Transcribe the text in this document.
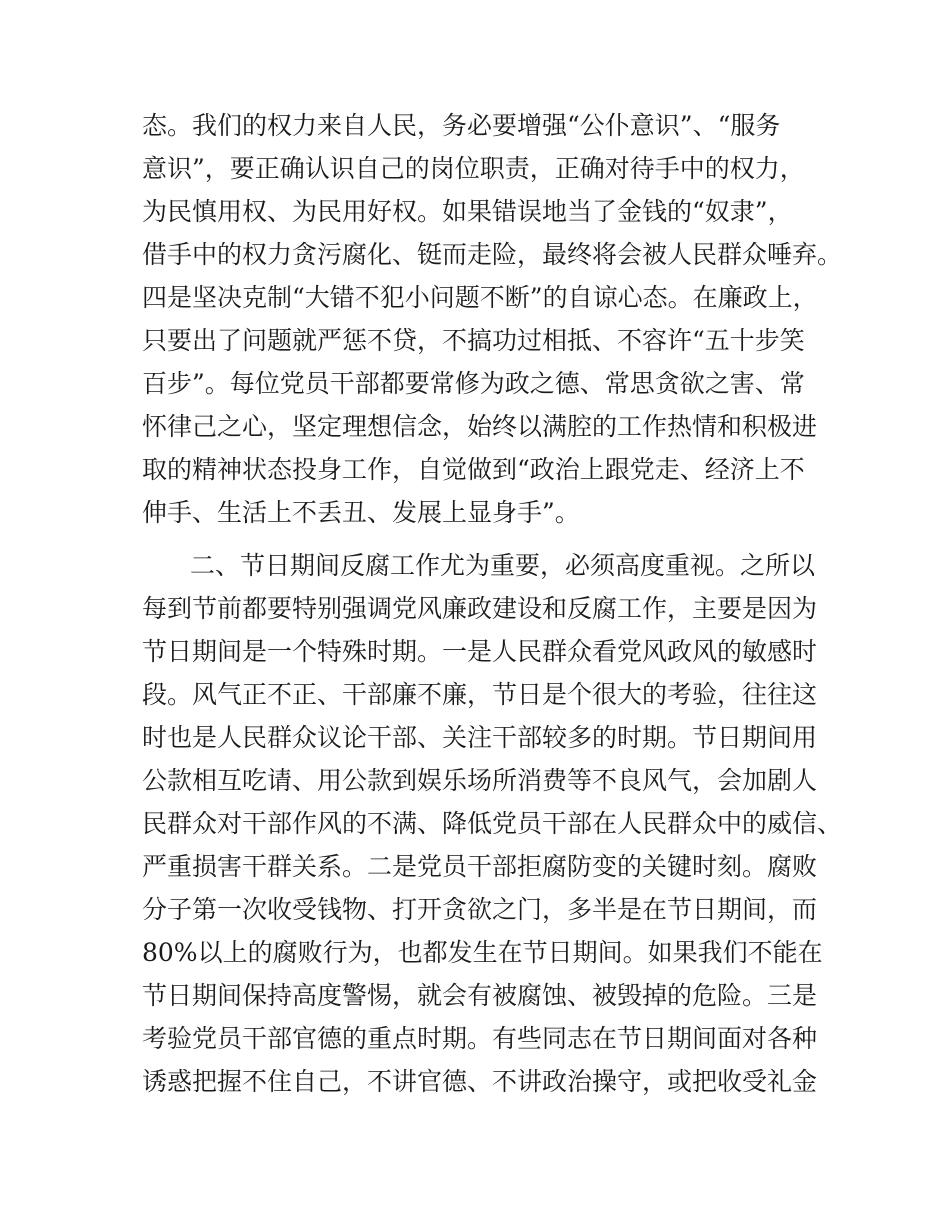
态。我们的权力来自人民，务必要增强“公仆意识”、“服务
意识”，要正确认识自己的岗位职责，正确对待手中的权力，
为民慎用权、为民用好权。如果错误地当了金钱的“奴隶”，
借手中的权力贪污腐化、铤而走险，最终将会被人民群众唾弃。
四是坚决克制“大错不犯小问题不断”的自谅心态。在廉政上，
只要出了问题就严惩不贷，不搞功过相抵、不容许“五十步笑
百步”。每位党员干部都要常修为政之德、常思贪欲之害、常
怀律己之心，坚定理想信念，始终以满腔的工作热情和积极进
取的精神状态投身工作，自觉做到“政治上跟党走、经济上不
伸手、生活上不丢丑、发展上显身手”。
二、节日期间反腐工作尤为重要，必须高度重视。之所以
每到节前都要特别强调党风廉政建设和反腐工作，主要是因为
节日期间是一个特殊时期。一是人民群众看党风政风的敏感时
段。风气正不正、干部廉不廉，节日是个很大的考验，往往这
时也是人民群众议论干部、关注干部较多的时期。节日期间用
公款相互吃请、用公款到娱乐场所消费等不良风气，会加剧人
民群众对干部作风的不满、降低党员干部在人民群众中的威信、
严重损害干群关系。二是党员干部拒腐防变的关键时刻。腐败
分子第一次收受钱物、打开贪欲之门，多半是在节日期间，而
80%以上的腐败行为，也都发生在节日期间。如果我们不能在
节日期间保持高度警惕，就会有被腐蚀、被毁掉的危险。三是
考验党员干部官德的重点时期。有些同志在节日期间面对各种
诱惑把握不住自己，不讲官德、不讲政治操守，或把收受礼金
